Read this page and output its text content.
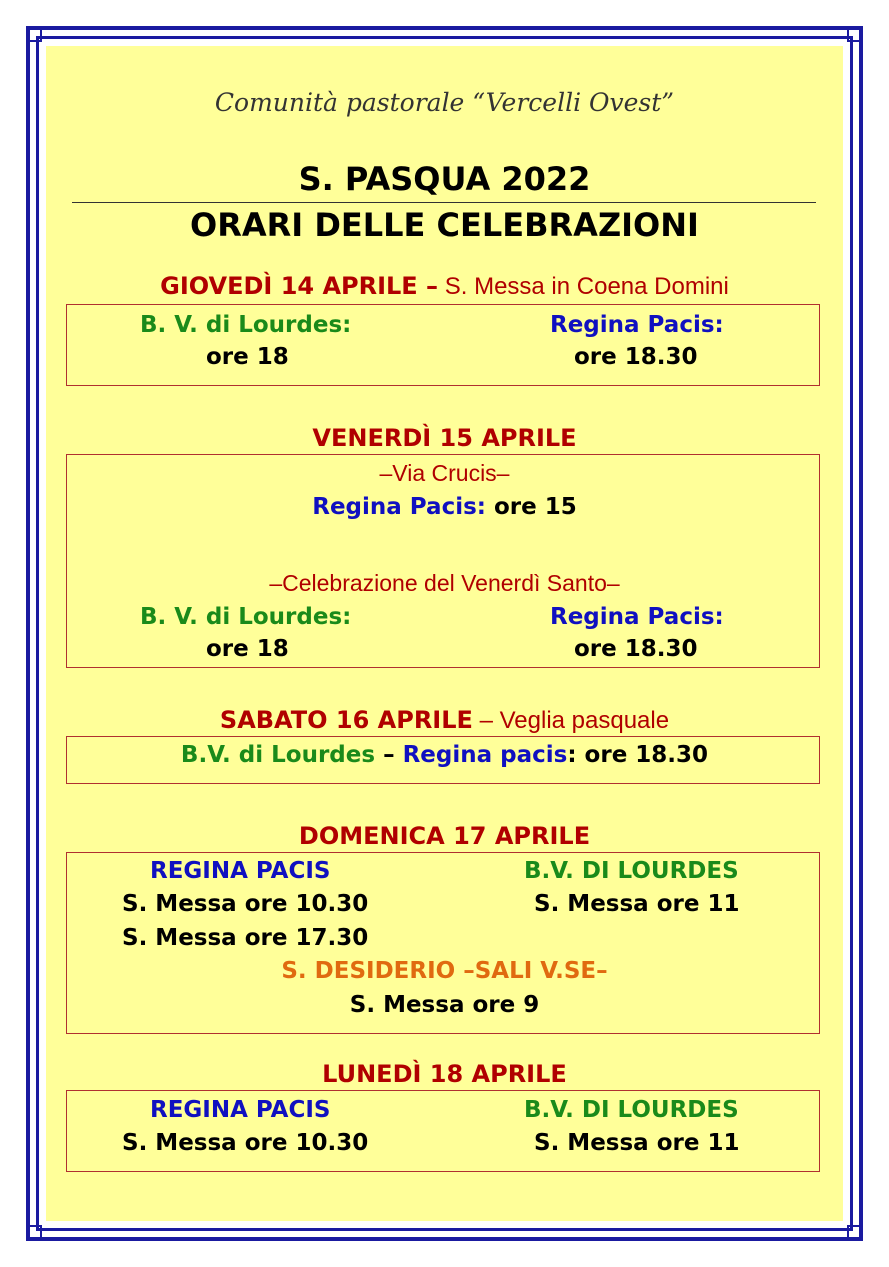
Comunità pastorale “Vercelli Ovest”
S. PASQUA 2022
ORARI DELLE CELEBRAZIONI
GIOVEDÌ 14 APRILE – S. Messa in Coena Domini
B. V. di Lourdes:
ore 18
Regina Pacis:
ore 18.30
VENERDÌ 15 APRILE
–Via Crucis–
Regina Pacis: ore 15
–Celebrazione del Venerdì Santo–
B. V. di Lourdes:
ore 18
Regina Pacis:
ore 18.30
SABATO 16 APRILE – Veglia pasquale
B.V. di Lourdes – Regina pacis: ore 18.30
DOMENICA 17 APRILE
REGINA PACIS
S. Messa ore 10.30
S. Messa ore 17.30
B.V. DI LOURDES
S. Messa ore 11
S. DESIDERIO –SALI V.SE–
S. Messa ore 9
LUNEDÌ 18 APRILE
REGINA PACIS
S. Messa ore 10.30
B.V. DI LOURDES
S. Messa ore 11
